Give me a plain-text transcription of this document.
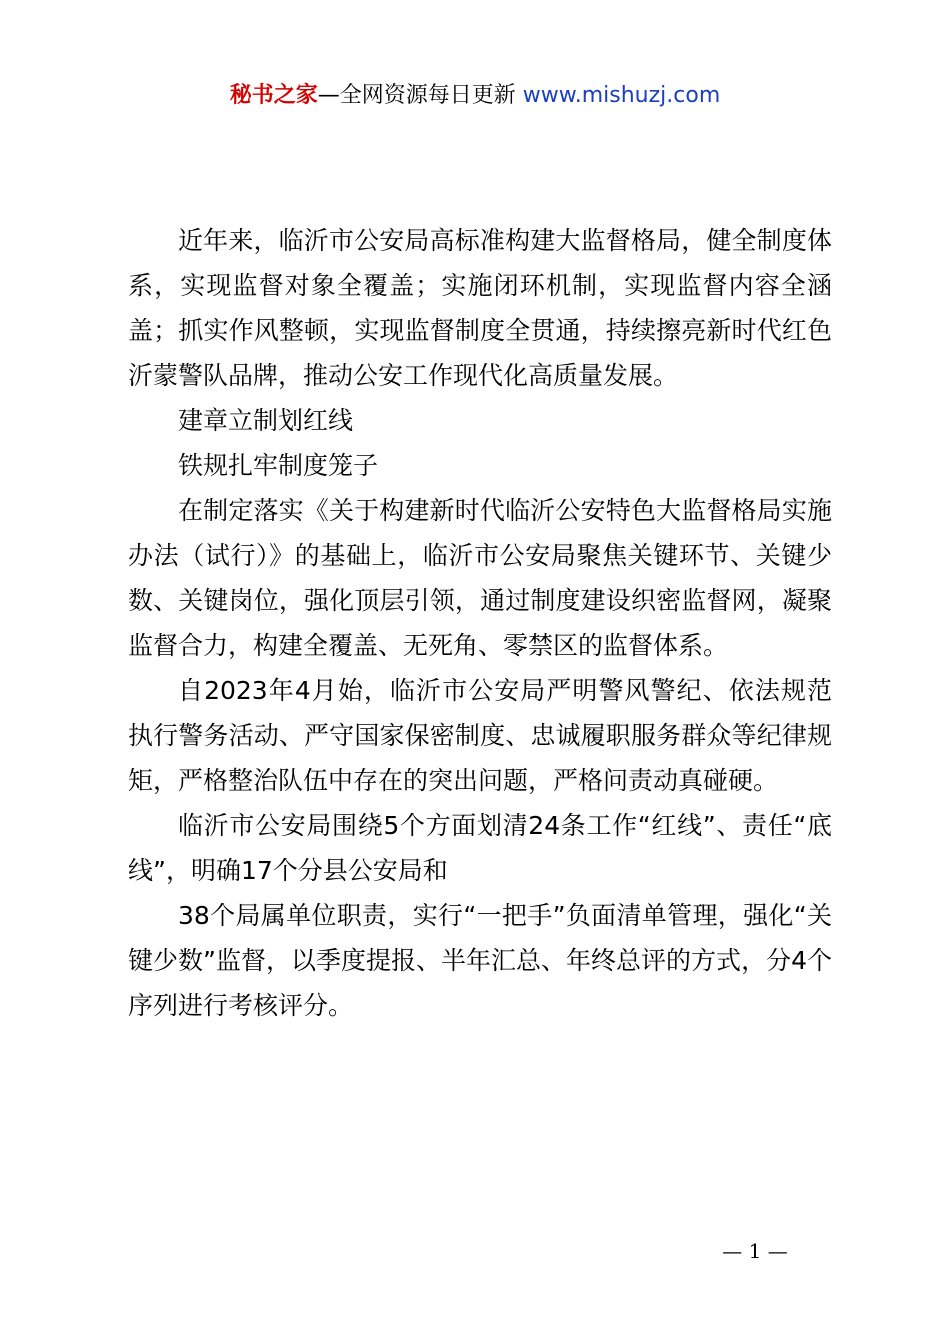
秘书之家—全网资源每日更新 www.mishuzj.com

近年来，临沂市公安局高标准构建大监督格局，健全制度体系，实现监督对象全覆盖；实施闭环机制，实现监督内容全涵盖；抓实作风整顿，实现监督制度全贯通，持续擦亮新时代红色沂蒙警队品牌，推动公安工作现代化高质量发展。

建章立制划红线

铁规扎牢制度笼子

在制定落实《关于构建新时代临沂公安特色大监督格局实施办法（试行）》的基础上，临沂市公安局聚焦关键环节、关键少数、关键岗位，强化顶层引领，通过制度建设织密监督网，凝聚监督合力，构建全覆盖、无死角、零禁区的监督体系。

自2023年4月始，临沂市公安局严明警风警纪、依法规范执行警务活动、严守国家保密制度、忠诚履职服务群众等纪律规矩，严格整治队伍中存在的突出问题，严格问责动真碰硬。

临沂市公安局围绕5个方面划清24条工作“红线”、责任“底线”，明确17个分县公安局和

38个局属单位职责，实行“一把手”负面清单管理，强化“关键少数”监督，以季度提报、半年汇总、年终总评的方式，分4个序列进行考核评分。

— 1 —
